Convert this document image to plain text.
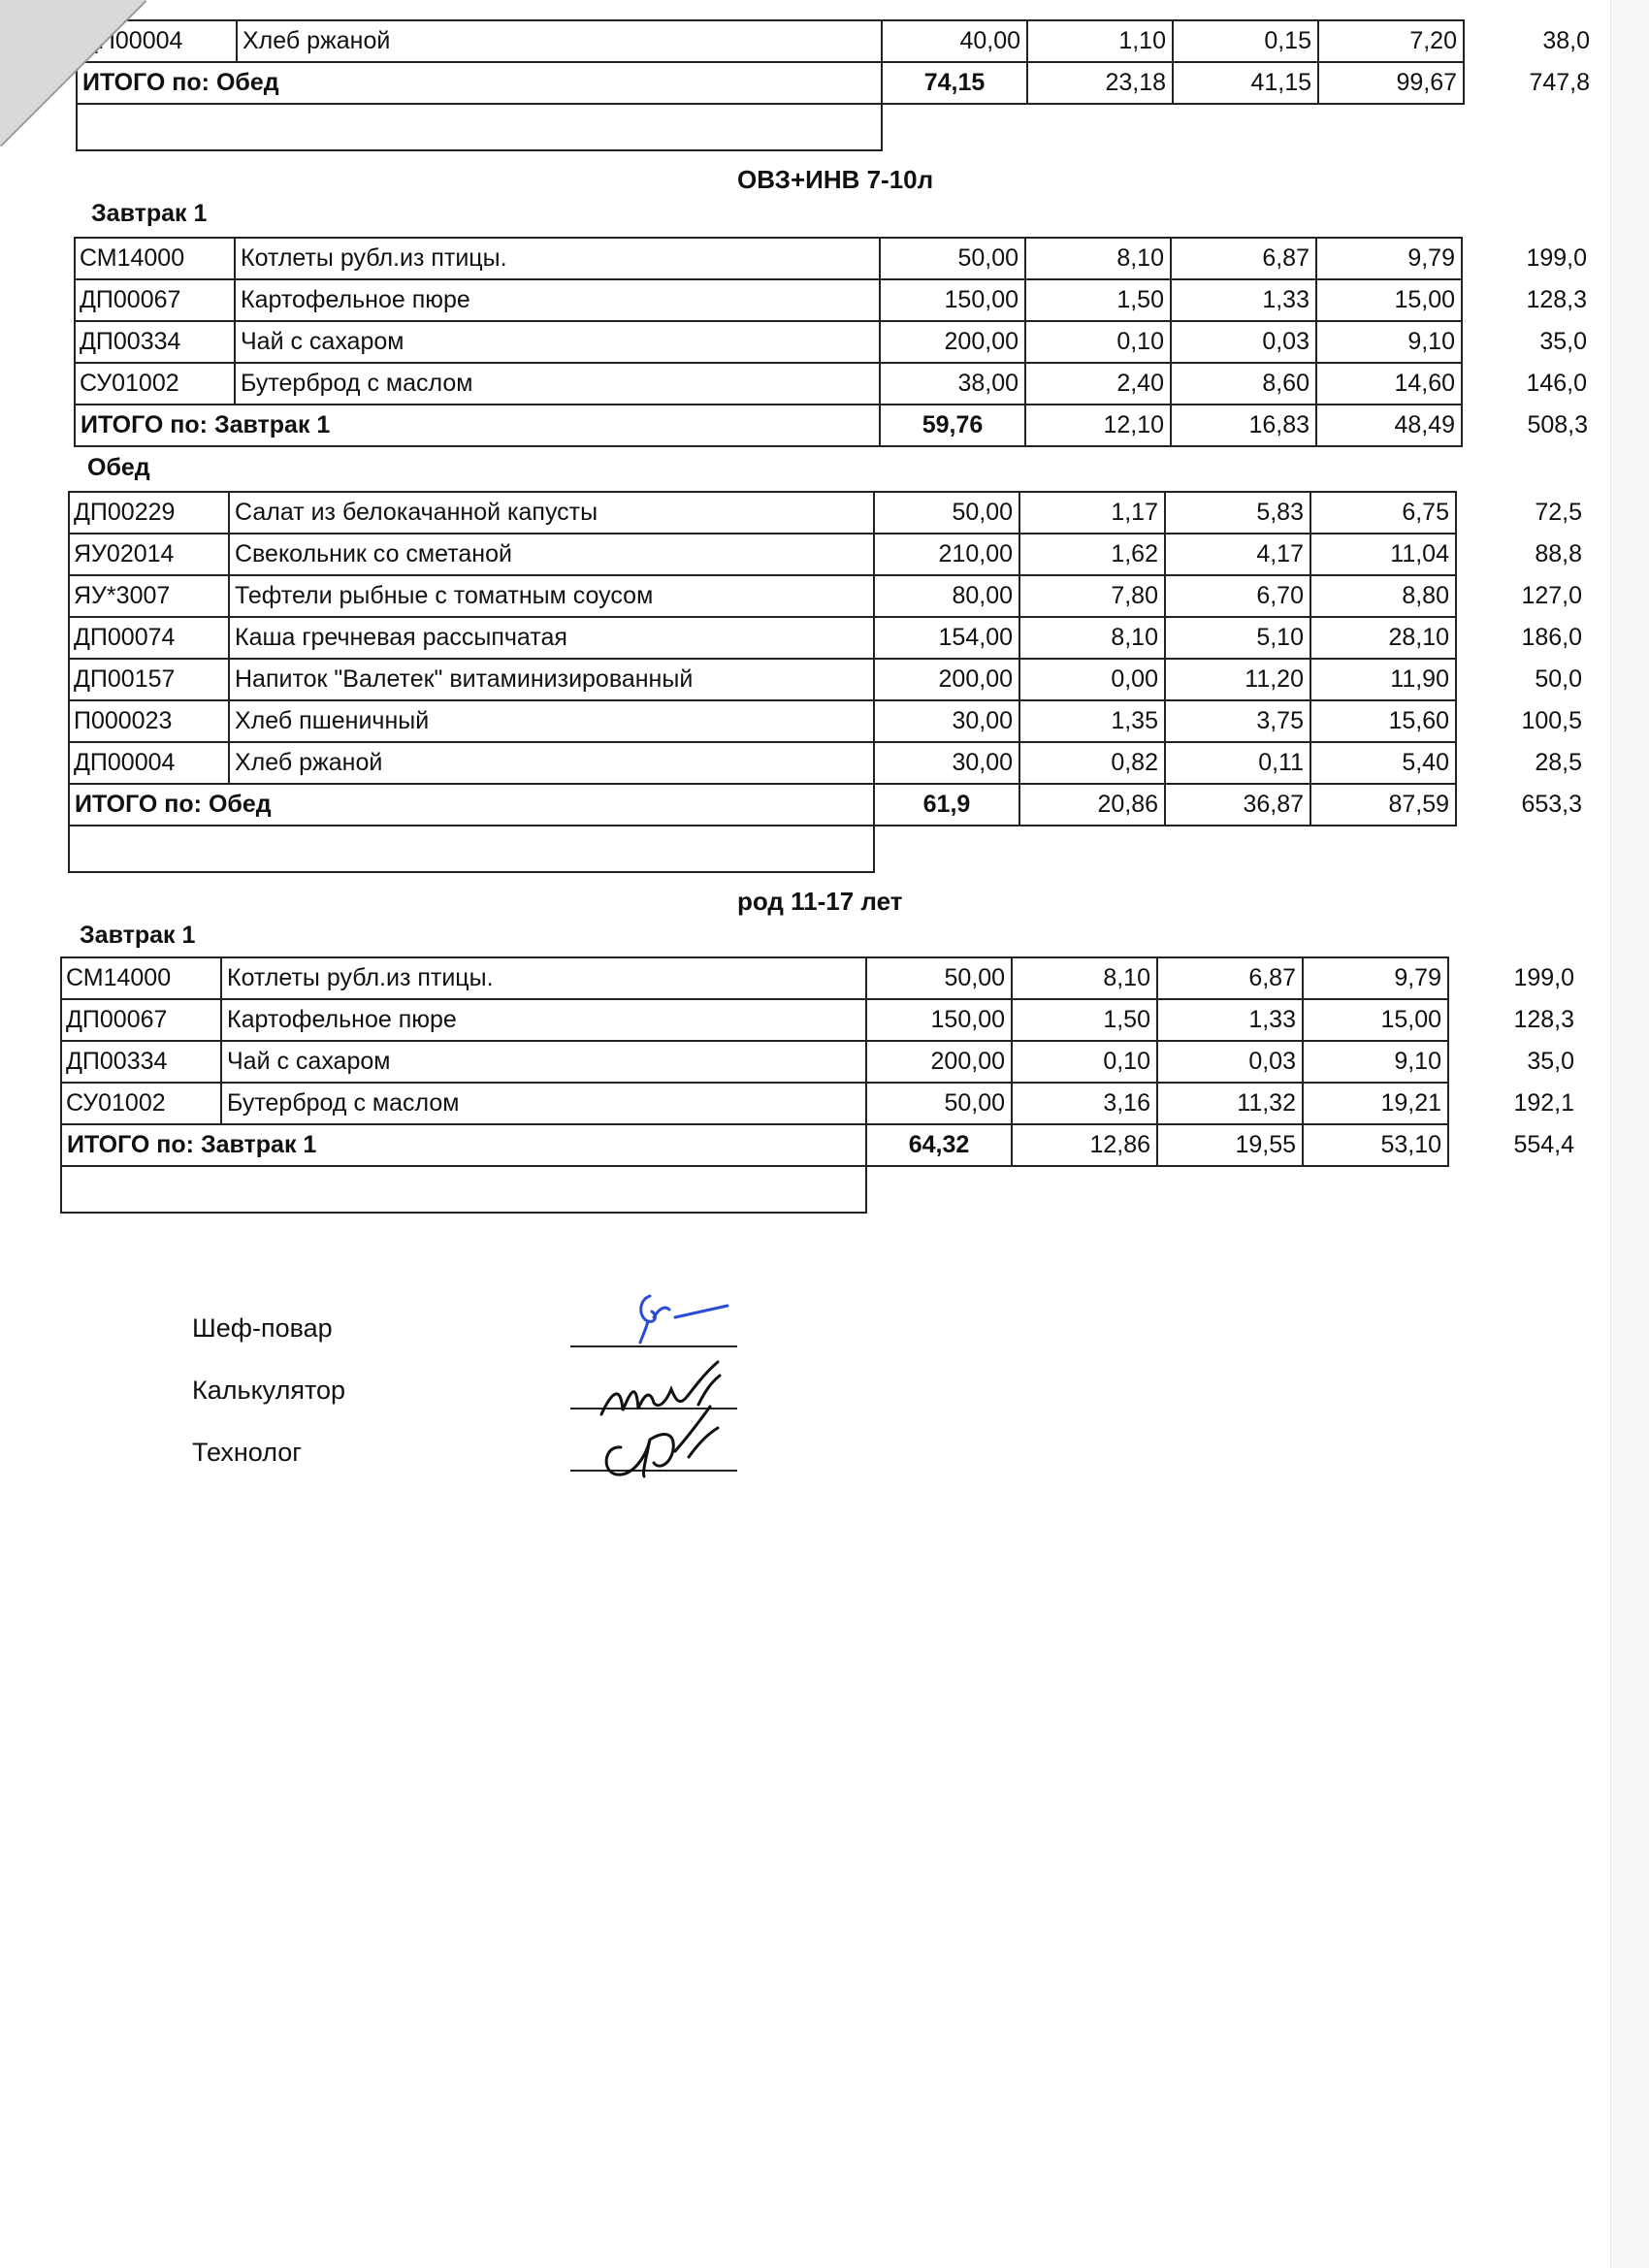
ДП00004	Хлеб ржаной	40,00	1,10	0,15	7,20	38,0
ИТОГО по: Обед		74,15	23,18	41,15	99,67	747,8

ОВЗ+ИНВ 7-10л
Завтрак 1
СМ14000	Котлеты рубл.из птицы.	50,00	8,10	6,87	9,79	199,0
ДП00067	Картофельное пюре	150,00	1,50	1,33	15,00	128,3
ДП00334	Чай с сахаром	200,00	0,10	0,03	9,10	35,0
СУ01002	Бутерброд с маслом	38,00	2,40	8,60	14,60	146,0
ИТОГО по: Завтрак 1		59,76	12,10	16,83	48,49	508,3
Обед
ДП00229	Салат из белокачанной капусты	50,00	1,17	5,83	6,75	72,5
ЯУ02014	Свекольник со сметаной	210,00	1,62	4,17	11,04	88,8
ЯУ*3007	Тефтели рыбные с томатным соусом	80,00	7,80	6,70	8,80	127,0
ДП00074	Каша гречневая рассыпчатая	154,00	8,10	5,10	28,10	186,0
ДП00157	Напиток "Валетек" витаминизированный	200,00	0,00	11,20	11,90	50,0
П000023	Хлеб пшеничный	30,00	1,35	3,75	15,60	100,5
ДП00004	Хлеб ржаной	30,00	0,82	0,11	5,40	28,5
ИТОГО по: Обед		61,9	20,86	36,87	87,59	653,3

род 11-17 лет
Завтрак 1
СМ14000	Котлеты рубл.из птицы.	50,00	8,10	6,87	9,79	199,0
ДП00067	Картофельное пюре	150,00	1,50	1,33	15,00	128,3
ДП00334	Чай с сахаром	200,00	0,10	0,03	9,10	35,0
СУ01002	Бутерброд с маслом	50,00	3,16	11,32	19,21	192,1
ИТОГО по: Завтрак 1		64,32	12,86	19,55	53,10	554,4

Шеф-повар
Калькулятор
Технолог
